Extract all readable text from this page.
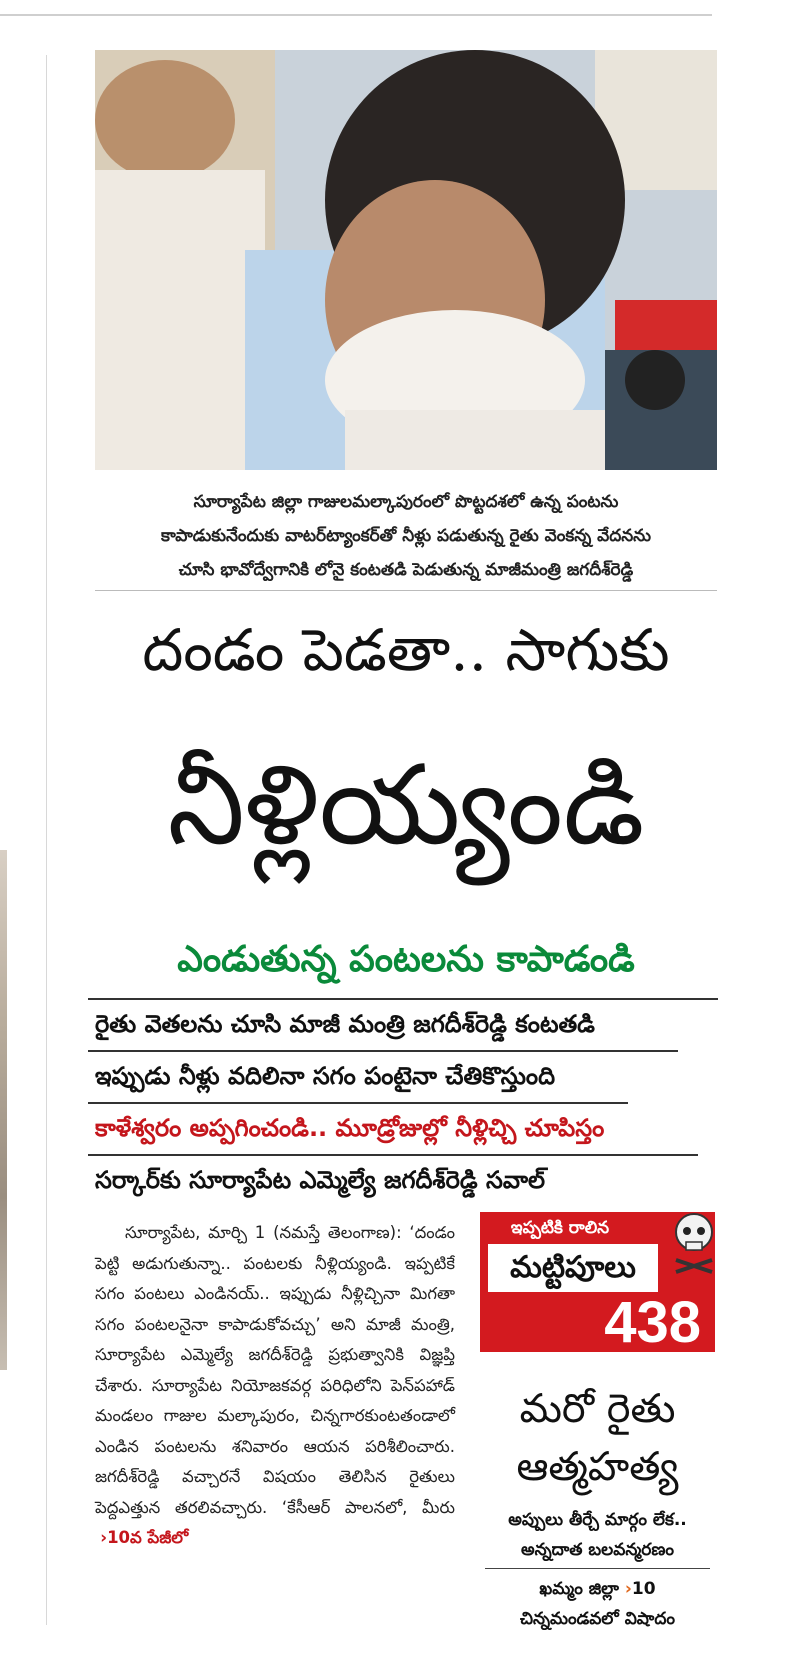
సూర్యాపేట జిల్లా గాజులమల్కాపురంలో పొట్టదశలో ఉన్న పంటను
కాపాడుకునేందుకు వాటర్‌ట్యాంకర్‌తో నీళ్లు పడుతున్న రైతు వెంకన్న వేదనను
చూసి భావోద్వేగానికి లోనై కంటతడి పెడుతున్న మాజీమంత్రి జగదీశ్‌రెడ్డి
దండం పెడతా.. సాగుకు
నీళ్లియ్యండి
ఎండుతున్న పంటలను కాపాడండి
రైతు వెతలను చూసి మాజీ మంత్రి జగదీశ్‌రెడ్డి కంటతడి
ఇప్పుడు నీళ్లు వదిలినా సగం పంటైనా చేతికొస్తుంది
కాళేశ్వరం అప్పగించండి.. మూడ్రోజుల్లో నీళ్లిచ్చి చూపిస్తం
సర్కార్‌కు సూర్యాపేట ఎమ్మెల్యే జగదీశ్‌రెడ్డి సవాల్‌

సూర్యాపేట, మార్చి 1 (నమస్తే తెలంగాణ): ‘దండం పెట్టి అడుగుతున్నా.. పంటలకు నీళ్లియ్యండి. ఇప్పటికే సగం పంటలు ఎండినయ్‌.. ఇప్పుడు నీళ్లిచ్చినా మిగతా సగం పంటలనైనా కాపాడుకోవచ్చు’ అని మాజీ మంత్రి, సూర్యాపేట ఎమ్మెల్యే జగదీశ్‌రెడ్డి ప్రభుత్వానికి విజ్ఞప్తి చేశారు. సూర్యాపేట నియోజకవర్గ పరిధిలోని పెన్‌పహాడ్‌ మండలం గాజుల మల్కాపురం, చిన్నగారకుంటతండాలో ఎండిన పంటలను శనివారం ఆయన పరిశీలించారు. జగదీశ్‌రెడ్డి వచ్చారనే విషయం తెలిసిన రైతులు పెద్దఎత్తున తరలివచ్చారు. ‘కేసీఆర్‌ పాలనలో, మీరు  ›10వ పేజీలో

ఇప్పటికి రాలిన
మట్టిపూలు
438
మరో రైతు
ఆత్మహత్య
అప్పులు తీర్చే మార్గం లేక..
అన్నదాత బలవన్మరణం
ఖమ్మం జిల్లా ›10
చిన్నమండవలో విషాదం
